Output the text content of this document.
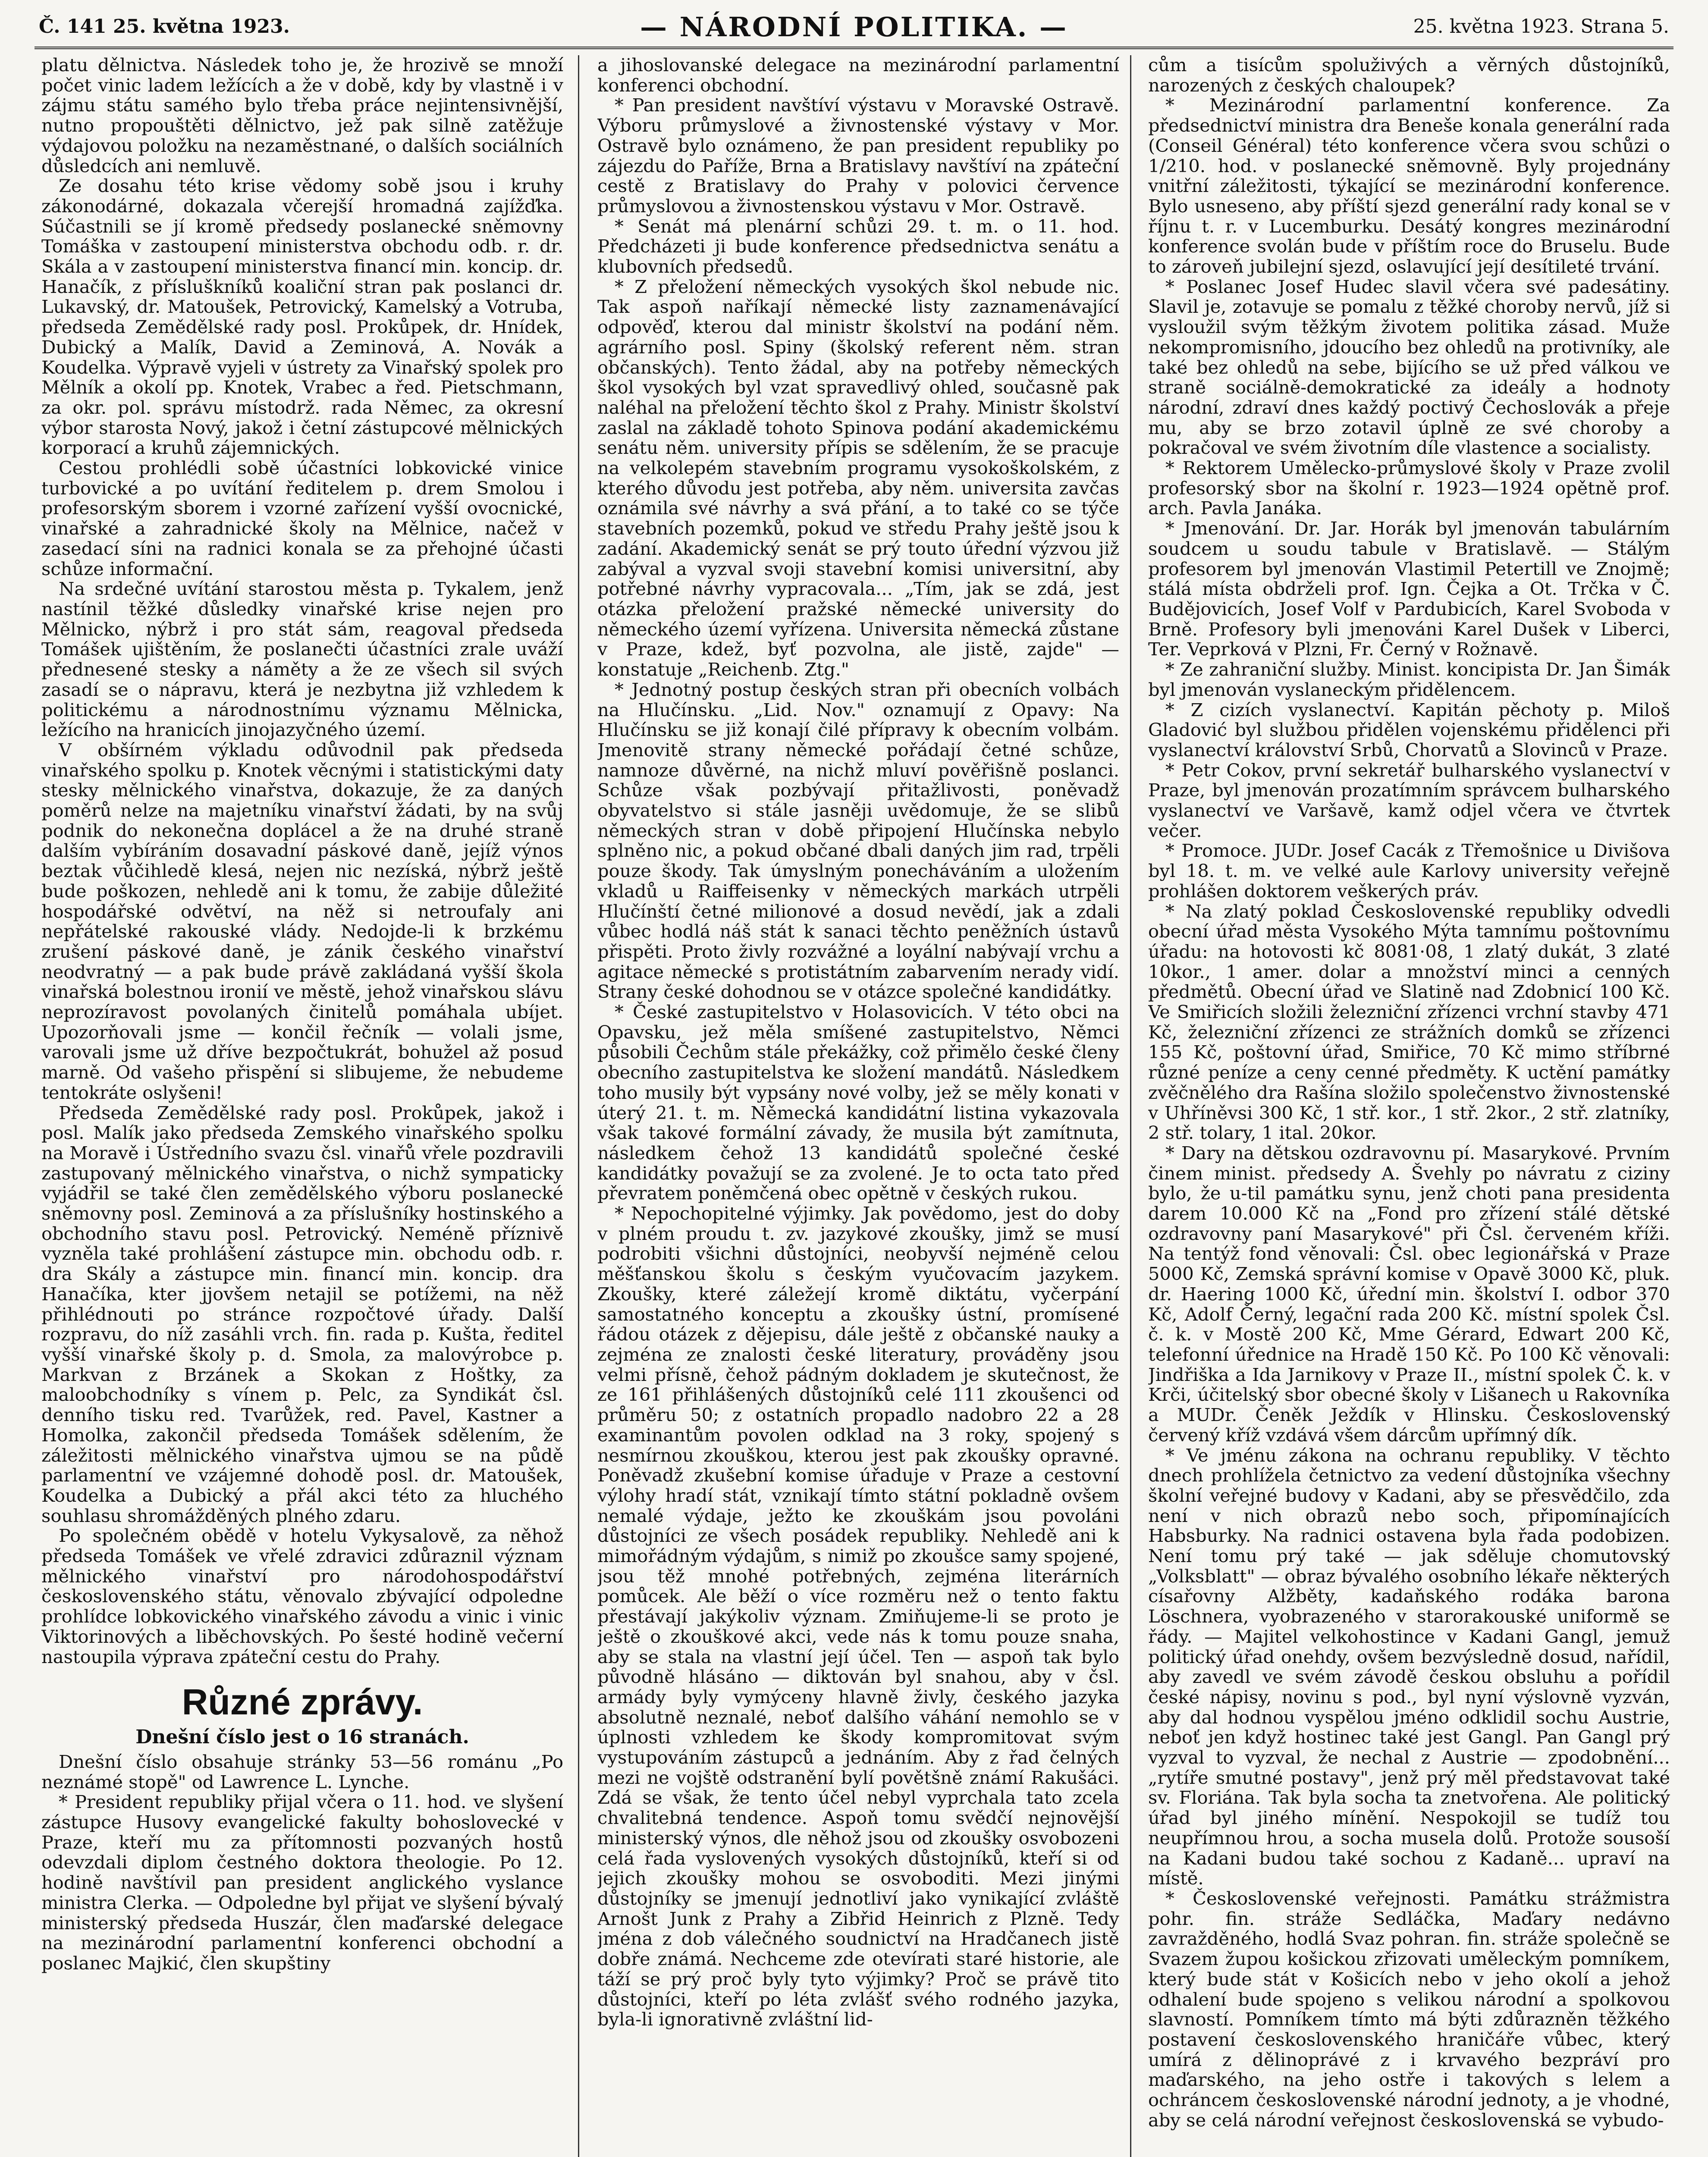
Č. 141 25. května 1923.	— NÁRODNÍ POLITIKA. —	25. května 1923. Strana 5.

platu dělnictva. Následek toho je, že hrozivě se množí počet vinic ladem ležících a že v době, kdy by vlastně i v zájmu státu samého bylo třeba práce nejintensivnější, nutno propouštěti dělnictvo, jež pak silně zatěžuje výdajovou položku na nezaměstnané, o dalších sociálních důsledcích ani nemluvě.

Ze dosahu této krise vědomy sobě jsou i kruhy zákonodárné, dokazala včerejší hromadná zajížďka. Súčastnili se jí kromě předsedy poslanecké sněmovny Tomáška v zastoupení ministerstva obchodu odb. r. dr. Skála a v zastoupení ministerstva financí min. koncip. dr. Hanačík, z přísluškníků koaliční stran pak poslanci dr. Lukavský, dr. Matoušek, Petrovický, Kamelský a Votruba, předseda Zemědělské rady posl. Prokůpek, dr. Hnídek, Dubický a Malík, David a Zeminová, A. Novák a Koudelka. Výpravě vyjeli v ústrety za Vinařský spolek pro Mělník a okolí pp. Knotek, Vrabec a řed. Pietschmann, za okr. pol. správu místodrž. rada Němec, za okresní výbor starosta Nový, jakož i četní zástupcové mělnických korporací a kruhů zájemnických.

Cestou prohlédli sobě účastníci lobkovické vinice turbovické a po uvítání ředitelem p. drem Smolou i profesorským sborem i vzorné zařízení vyšší ovocnické, vinařské a zahradnické školy na Mělnice, načež v zasedací síni na radnici konala se za přehojné účasti schůze informační.

Na srdečné uvítání starostou města p. Tykalem, jenž nastínil těžké důsledky vinařské krise nejen pro Mělnicko, nýbrž i pro stát sám, reagoval předseda Tomášek ujištěním, že poslanečti účastníci zrale uváží přednesené stesky a náměty a že ze všech sil svých zasadí se o nápravu, která je nezbytna již vzhledem k politickému a národnostnímu významu Mělnicka, ležícího na hranicích jinojazyčného území.

V obšírném výkladu odůvodnil pak předseda vinařského spolku p. Knotek věcnými i statistickými daty stesky mělnického vinařstva, dokazuje, že za daných poměrů nelze na majetníku vinařství žádati, by na svůj podnik do nekonečna doplácel a že na druhé straně dalším vybíráním dosavadní páskové daně, jejíž výnos beztak vůčihledě klesá, nejen nic nezíská, nýbrž ještě bude poškozen, nehledě ani k tomu, že zabije důležité hospodářské odvětví, na něž si netroufaly ani nepřátelské rakouské vlády. Nedojde-li k brzkému zrušení páskové daně, je zánik českého vinařství neodvratný — a pak bude právě zakládaná vyšší škola vinařská bolestnou ironií ve městě, jehož vinařskou slávu neprozíravost povolaných činitelů pomáhala ubíjet. Upozorňovali jsme — končil řečník — volali jsme, varovali jsme už dříve bezpočtukrát, bohužel až posud marně. Od vašeho přispění si slibujeme, že nebudeme tentokráte oslyšeni!

Předseda Zemědělské rady posl. Prokůpek, jakož i posl. Malík jako předseda Zemského vinařského spolku na Moravě i Ústředního svazu čsl. vinařů vřele pozdravili zastupovaný mělnického vinařstva, o nichž sympaticky vyjádřil se také člen zemědělského výboru poslanecké sněmovny posl. Zeminová a za příslušníky hostinského a obchodního stavu posl. Petrovický. Neméně příznivě vyzněla také prohlášení zástupce min. obchodu odb. r. dra Skály a zástupce min. financí min. koncip. dra Hanačíka, kter jjovšem netajil se potížemi, na něž přihlédnouti po stránce rozpočtové úřady. Další rozpravu, do níž zasáhli vrch. fin. rada p. Kušta, ředitel vyšší vinařské školy p. d. Smola, za malovýrobce p. Markvan z Brzánek a Skokan z Hoštky, za maloobchodníky s vínem p. Pelc, za Syndikát čsl. denního tisku red. Tvarůžek, red. Pavel, Kastner a Homolka, zakončil předseda Tomášek sdělením, že záležitosti mělnického vinařstva ujmou se na půdě parlamentní ve vzájemné dohodě posl. dr. Matoušek, Koudelka a Dubický a přál akci této za hluchého souhlasu shromážděných plného zdaru.

Po společném obědě v hotelu Vykysalově, za něhož předseda Tomášek ve vřelé zdravici zdůraznil význam mělnického vinařství pro národohospodářství československého státu, věnovalo zbývající odpoledne prohlídce lobkovického vinařského závodu a vinic i vinic Viktorinových a liběchovských. Po šesté hodině večerní nastoupila výprava zpáteční cestu do Prahy.

Různé zprávy.
Dnešní číslo jest o 16 stranách.

Dnešní číslo obsahuje stránky 53—56 románu „Po neznámé stopě" od Lawrence L. Lynche.

* President republiky přijal včera o 11. hod. ve slyšení zástupce Husovy evangelické fakulty bohoslovecké v Praze, kteří mu za přítomnosti pozvaných hostů odevzdali diplom čestného doktora theologie. Po 12. hodině navštívil pan president anglického vyslance ministra Clerka. — Odpoledne byl přijat ve slyšení bývalý ministerský předseda Huszár, člen maďarské delegace na mezinárodní parlamentní konferenci obchodní a poslanec Majkić, člen skupštiny

a jihoslovanské delegace na mezinárodní parlamentní konferenci obchodní.

* Pan president navštíví výstavu v Moravské Ostravě. Výboru průmyslové a živnostenské výstavy v Mor. Ostravě bylo oznámeno, že pan president republiky po zájezdu do Paříže, Brna a Bratislavy navštíví na zpáteční cestě z Bratislavy do Prahy v polovici července průmyslovou a živnostenskou výstavu v Mor. Ostravě.

* Senát má plenární schůzi 29. t. m. o 11. hod. Předcházeti ji bude konference předsednictva senátu a klubovních předsedů.

* Z přeložení německých vysokých škol nebude nic. Tak aspoň naříkají německé listy zaznamenávající odpověď, kterou dal ministr školství na podání něm. agrárního posl. Spiny (školský referent něm. stran občanských). Tento žádal, aby na potřeby německých škol vysokých byl vzat spravedlivý ohled, současně pak naléhal na přeložení těchto škol z Prahy. Ministr školství zaslal na základě tohoto Spinova podání akademickému senátu něm. university přípis se sdělením, že se pracuje na velkolepém stavebním programu vysokoškolském, z kterého důvodu jest potřeba, aby něm. universita zavčas oznámila své návrhy a svá přání, a to také co se týče stavebních pozemků, pokud ve středu Prahy ještě jsou k zadání. Akademický senát se prý touto úřední výzvou již zabýval a vyzval svoji stavební komisi universitní, aby potřebné návrhy vypracovala... „Tím, jak se zdá, jest otázka přeložení pražské německé university do německého území vyřízena. Universita německá zůstane v Praze, kdež, byť pozvolna, ale jistě, zajde" — konstatuje „Reichenb. Ztg."

* Jednotný postup českých stran při obecních volbách na Hlučínsku. „Lid. Nov." oznamují z Opavy: Na Hlučínsku se již konají čilé přípravy k obecním volbám. Jmenovitě strany německé pořádají četné schůze, namnoze důvěrné, na nichž mluví pověřišně poslanci. Schůze však pozbývají přitažlivosti, poněvadž obyvatelstvo si stále jasněji uvědomuje, že se slibů německých stran v době připojení Hlučínska nebylo splněno nic, a pokud občané dbali daných jim rad, trpěli pouze škody. Tak úmyslným ponecháváním a uložením vkladů u Raiffeisenky v německých markách utrpěli Hlučínští četné milionové a dosud nevědí, jak a zdali vůbec hodlá náš stát k sanaci těchto peněžních ústavů přispěti. Proto živly rozvážné a loyální nabývají vrchu a agitace německé s protistátním zabarvením nerady vidí. Strany české dohodnou se v otázce společné kandidátky.

* České zastupitelstvo v Holasovicích. V této obci na Opavsku, jež měla smíšené zastupitelstvo, Němci působili Čechům stále překážky, což přimělo české členy obecního zastupitelstva ke složení mandátů. Následkem toho musily být vypsány nové volby, jež se měly konati v úterý 21. t. m. Německá kandidátní listina vykazovala však takové formální závady, že musila být zamítnuta, následkem čehož 13 kandidátů společné české kandidátky považují se za zvolené. Je to octa tato před převratem poněmčená obec opětně v českých rukou.

* Nepochopitelné výjimky. Jak povědomo, jest do doby v plném proudu t. zv. jazykové zkoušky, jimž se musí podrobiti všichni důstojníci, neobyvší nejméně celou měšťanskou školu s českým vyučovacím jazykem. Zkoušky, které záležejí kromě diktátu, vyčerpání samostatného konceptu a zkoušky ústní, promísené řádou otázek z dějepisu, dále ještě z občanské nauky a zejména ze znalosti české literatury, prováděny jsou velmi přísně, čehož pádným dokladem je skutečnost, že ze 161 přihlášených důstojníků celé 111 zkoušenci od průměru 50; z ostatních propadlo nadobro 22 a 28 examinantům povolen odklad na 3 roky, spojený s nesmírnou zkouškou, kterou jest pak zkoušky opravné. Poněvadž zkušební komise úřaduje v Praze a cestovní výlohy hradí stát, vznikají tímto státní pokladně ovšem nemalé výdaje, ježto ke zkouškám jsou povoláni důstojníci ze všech posádek republiky. Nehledě ani k mimořádným výdajům, s nimiž po zkoušce samy spojené, jsou těž mnohé potřebných, zejména literárních pomůcek. Ale běží o více rozměru než o tento faktu přestávají jakýkoliv význam. Zmiňujeme-li se proto je ještě o zkouškové akci, vede nás k tomu pouze snaha, aby se stala na vlastní její účel. Ten — aspoň tak bylo původně hlásáno — diktován byl snahou, aby v čsl. armády byly vymýceny hlavně živly, českého jazyka absolutně neznalé, neboť dalšího váhání nemohlo se v úplnosti vzhledem ke škody kompromitovat svým vystupováním zástupců a jednáním. Aby z řad čelných mezi ne vojště odstranění bylí povětšně známí Rakušáci. Zdá se však, že tento účel nebyl vyprchala tato zcela chvalitebná tendence. Aspoň tomu svědčí nejnovější ministerský výnos, dle něhož jsou od zkoušky osvobozeni celá řada vyslovených vysokých důstojníků, kteří si od jejich zkoušky mohou se osvoboditi. Mezi jinými důstojníky se jmenují jednotliví jako vynikající zvláště Arnošt Junk z Prahy a Zibřid Heinrich z Plzně. Tedy jména z dob válečného soudnictví na Hradčanech jistě dobře známá. Nechceme zde otevírati staré historie, ale táží se prý proč byly tyto výjimky? Proč se právě tito důstojníci, kteří po léta zvlášť svého rodného jazyka, byla-li ignorativně zvláštní lid-

cům a tisícům spoluživých a věrných důstojníků, narozených z českých chaloupek?

* Mezinárodní parlamentní konference. Za předsednictví ministra dra Beneše konala generální rada (Conseil Général) této konference včera svou schůzi o 1/210. hod. v poslanecké sněmovně. Byly projednány vnitřní záležitosti, týkající se mezinárodní konference. Bylo usneseno, aby příští sjezd generální rady konal se v říjnu t. r. v Lucemburku. Desátý kongres mezinárodní konference svolán bude v příštím roce do Bruselu. Bude to zároveň jubilejní sjezd, oslavující její desítileté trvání.

* Poslanec Josef Hudec slavil včera své padesátiny. Slavil je, zotavuje se pomalu z těžké choroby nervů, jíž si vysloužil svým těžkým životem politika zásad. Muže nekompromisního, jdoucího bez ohledů na protivníky, ale také bez ohledů na sebe, bijícího se už před válkou ve straně sociálně-demokratické za ideály a hodnoty národní, zdraví dnes každý poctivý Čechoslovák a přeje mu, aby se brzo zotavil úplně ze své choroby a pokračoval ve svém životním díle vlastence a socialisty.

* Rektorem Umělecko-průmyslové školy v Praze zvolil profesorský sbor na školní r. 1923—1924 opětně prof. arch. Pavla Janáka.

* Jmenování. Dr. Jar. Horák byl jmenován tabulárním soudcem u soudu tabule v Bratislavě. — Stálým profesorem byl jmenován Vlastimil Petertill ve Znojmě; stálá místa obdrželi prof. Ign. Čejka a Ot. Trčka v Č. Budějovicích, Josef Volf v Pardubicích, Karel Svoboda v Brně. Profesory byli jmenováni Karel Dušek v Liberci, Ter. Veprková v Plzni, Fr. Černý v Rožnavě.

* Ze zahraniční služby. Minist. koncipista Dr. Jan Šimák byl jmenován vyslaneckým přidělencem.

* Z cizích vyslanectví. Kapitán pěchoty p. Miloš Gladović byl službou přidělen vojenskému přidělenci při vyslanectví království Srbů, Chorvatů a Slovinců v Praze.

* Petr Cokov, první sekretář bulharského vyslanectví v Praze, byl jmenován prozatímním správcem bulharského vyslanectví ve Varšavě, kamž odjel včera ve čtvrtek večer.

* Promoce. JUDr. Josef Cacák z Třemošnice u Divišova byl 18. t. m. ve velké aule Karlovy university veřejně prohlášen doktorem veškerých práv.

* Na zlatý poklad Československé republiky odvedli obecní úřad města Vysokého Mýta tamnímu poštovnímu úřadu: na hotovosti kč 8081·08, 1 zlatý dukát, 3 zlaté 10kor., 1 amer. dolar a množství minci a cenných předmětů. Obecní úřad ve Slatině nad Zdobnicí 100 Kč. Ve Smiřicích složili železniční zřízenci vrchní stavby 471 Kč, železniční zřízenci ze strážních domků se zřízenci 155 Kč, poštovní úřad, Smiřice, 70 Kč mimo stříbrné různé peníze a ceny cenné předměty. K uctění památky zvěčnělého dra Rašína složilo společenstvo živnostenské v Uhříněvsi 300 Kč, 1 stř. kor., 1 stř. 2kor., 2 stř. zlatníky, 2 stř. tolary, 1 ital. 20kor.

* Dary na dětskou ozdravovnu pí. Masarykové. Prvním činem minist. předsedy A. Švehly po návratu z ciziny bylo, že u-til památku synu, jenž choti pana presidenta darem 10.000 Kč na „Fond pro zřízení stálé dětské ozdravovny paní Masarykové" při Čsl. červeném kříži. Na tentýž fond věnovali: Čsl. obec legionářská v Praze 5000 Kč, Zemská správní komise v Opavě 3000 Kč, pluk. dr. Haering 1000 Kč, úřední min. školství I. odbor 370 Kč, Adolf Černý, legační rada 200 Kč. místní spolek Čsl. č. k. v Mostě 200 Kč, Mme Gérard, Edwart 200 Kč, telefonní úřednice na Hradě 150 Kč. Po 100 Kč věnovali: Jindřiška a Ida Jarnikovy v Praze II., místní spolek Č. k. v Krči, účitelský sbor obecné školy v Lišanech u Rakovníka a MUDr. Čeněk Ježdík v Hlinsku. Československý červený kříž vzdává všem dárcům upřímný dík.

* Ve jménu zákona na ochranu republiky. V těchto dnech prohlížela četnictvo za vedení důstojníka všechny školní veřejné budovy v Kadani, aby se přesvědčilo, zda není v nich obrazů nebo soch, připomínajících Habsburky. Na radnici ostavena byla řada podobizen. Není tomu prý také — jak sděluje chomutovský „Volksblatt" — obraz bývalého osobního lékaře některých císařovny Alžběty, kadaňského rodáka barona Löschnera, vyobrazeného v starorakouské uniformě se řády. — Majitel velkohostince v Kadani Gangl, jemuž politický úřad onehdy, ovšem bezvýsledně dosud, nařídil, aby zavedl ve svém závodě českou obsluhu a pořídil české nápisy, novinu s pod., byl nyní výslovně vyzván, aby dal hodnou vyspělou jméno odklidil sochu Austrie, neboť jen když hostinec také jest Gangl. Pan Gangl prý vyzval to vyzval, že nechal z Austrie — zpodobnění... „rytíře smutné postavy", jenž prý měl představovat také sv. Floriána. Tak byla socha ta znetvořena. Ale politický úřad byl jiného mínění. Nespokojil se tudíž tou neupřímnou hrou, a socha musela dolů. Protože sousoší na Kadani budou také sochou z Kadaně... upraví na místě.

* Československé veřejnosti. Památku strážmistra pohr. fin. stráže Sedláčka, Maďary nedávno zavražděného, hodlá Svaz pohran. fin. stráže společně se Svazem župou košickou zřizovati uměleckým pomníkem, který bude stát v Košicích nebo v jeho okolí a jehož odhalení bude spojeno s velikou národní a spolkovou slavností. Pomníkem tímto má býti zdůrazněn těžkého postavení československého hraničáře vůbec, který umírá z dělinoprávé z i krvavého bezpráví pro maďarského, na jeho ostře i takových s lelem a ochráncem československé národní jednoty, a je vhodné, aby se celá národní veřejnost československá se vybudo-
